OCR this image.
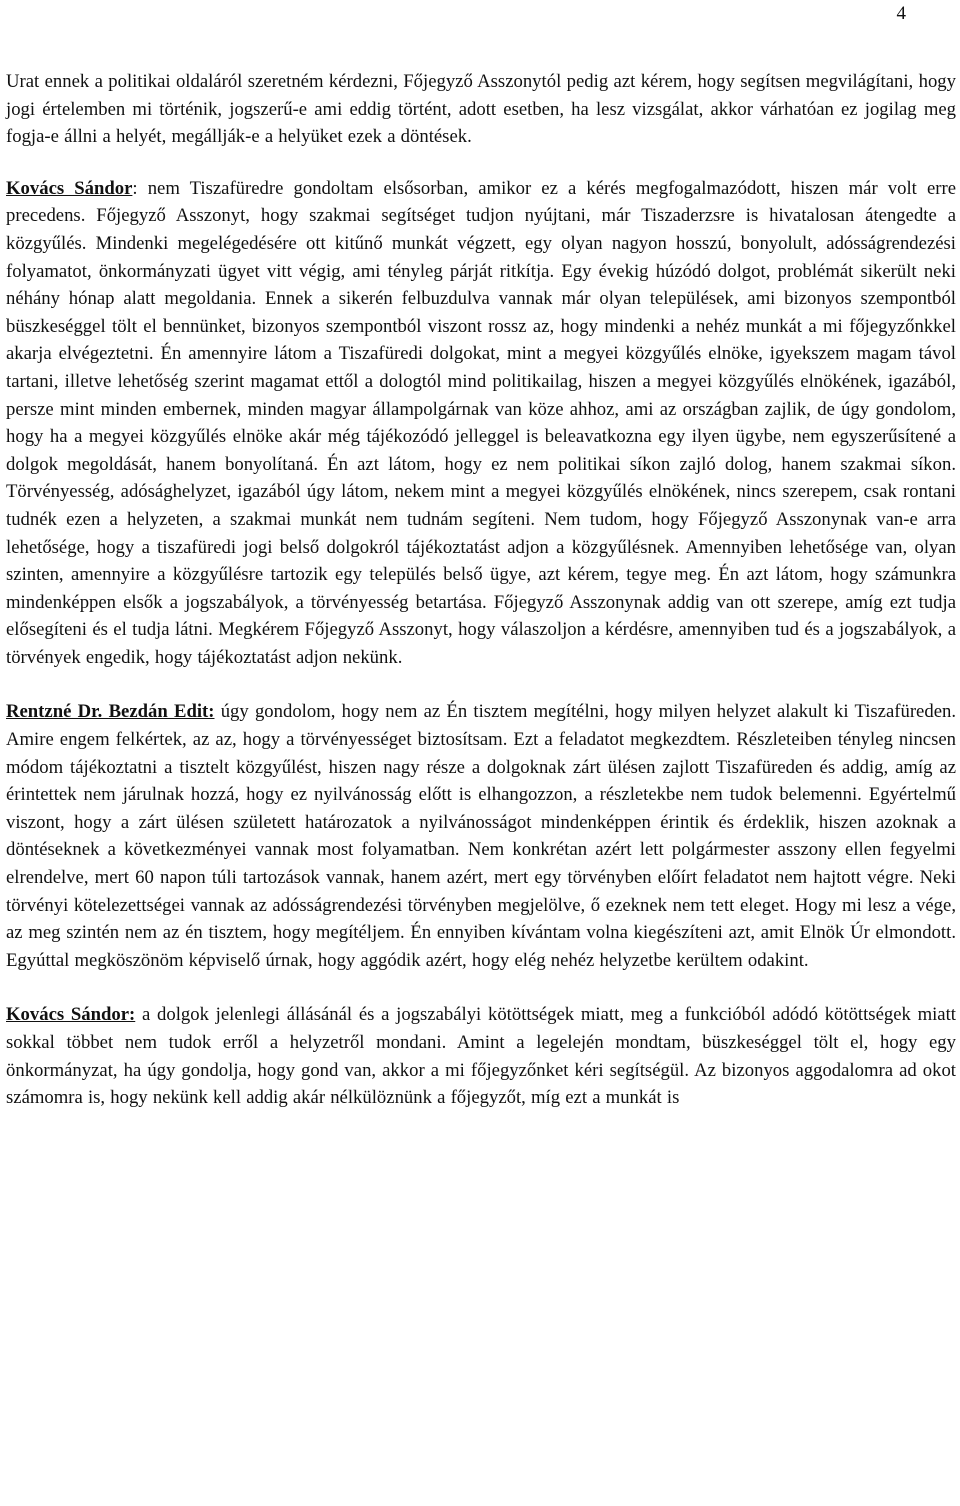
4

Urat ennek a politikai oldaláról szeretném kérdezni, Főjegyző Asszonytól pedig azt kérem, hogy segítsen megvilágítani, hogy jogi értelemben mi történik, jogszerű-e ami eddig történt, adott esetben, ha lesz vizsgálat, akkor várhatóan ez jogilag meg fogja-e állni a helyét, megállják-e a helyüket ezek a döntések.

Kovács Sándor: nem Tiszafüredre gondoltam elsősorban, amikor ez a kérés megfogalmazódott, hiszen már volt erre precedens. Főjegyző Asszonyt, hogy szakmai segítséget tudjon nyújtani, már Tiszaderzsre is hivatalosan átengedte a közgyűlés. Mindenki megelégedésére ott kitűnő munkát végzett, egy olyan nagyon hosszú, bonyolult, adósságrendezési folyamatot, önkormányzati ügyet vitt végig, ami tényleg párját ritkítja. Egy évekig húzódó dolgot, problémát sikerült neki néhány hónap alatt megoldania. Ennek a sikerén felbuzdulva vannak már olyan települések, ami bizonyos szempontból büszkeséggel tölt el bennünket, bizonyos szempontból viszont rossz az, hogy mindenki a nehéz munkát a mi főjegyzőnkkel akarja elvégeztetni. Én amennyire látom a Tiszafüredi dolgokat, mint a megyei közgyűlés elnöke, igyekszem magam távol tartani, illetve lehetőség szerint magamat ettől a dologtól mind politikailag, hiszen a megyei közgyűlés elnökének, igazából, persze mint minden embernek, minden magyar állampolgárnak van köze ahhoz, ami az országban zajlik, de úgy gondolom, hogy ha a megyei közgyűlés elnöke akár még tájékozódó jelleggel is beleavatkozna egy ilyen ügybe, nem egyszerűsítené a dolgok megoldását, hanem bonyolítaná. Én azt látom, hogy ez nem politikai síkon zajló dolog, hanem szakmai síkon. Törvényesség, adósághelyzet, igazából úgy látom, nekem mint a megyei közgyűlés elnökének, nincs szerepem, csak rontani tudnék ezen a helyzeten, a szakmai munkát nem tudnám segíteni. Nem tudom, hogy Főjegyző Asszonynak van-e arra lehetősége, hogy a tiszafüredi jogi belső dolgokról tájékoztatást adjon a közgyűlésnek. Amennyiben lehetősége van, olyan szinten, amennyire a közgyűlésre tartozik egy település belső ügye, azt kérem, tegye meg. Én azt látom, hogy számunkra mindenképpen elsők a jogszabályok, a törvényesség betartása. Főjegyző Asszonynak addig van ott szerepe, amíg ezt tudja elősegíteni és el tudja látni. Megkérem Főjegyző Asszonyt, hogy válaszoljon a kérdésre, amennyiben tud és a jogszabályok, a törvények engedik, hogy tájékoztatást adjon nekünk.

Rentzné Dr. Bezdán Edit: úgy gondolom, hogy nem az Én tisztem megítélni, hogy milyen helyzet alakult ki Tiszafüreden. Amire engem felkértek, az az, hogy a törvényességet biztosítsam. Ezt a feladatot megkezdtem. Részleteiben tényleg nincsen módom tájékoztatni a tisztelt közgyűlést, hiszen nagy része a dolgoknak zárt ülésen zajlott Tiszafüreden és addig, amíg az érintettek nem járulnak hozzá, hogy ez nyilvánosság előtt is elhangozzon, a részletekbe nem tudok belemenni. Egyértelmű viszont, hogy a zárt ülésen született határozatok a nyilvánosságot mindenképpen érintik és érdeklik, hiszen azoknak a döntéseknek a következményei vannak most folyamatban. Nem konkrétan azért lett polgármester asszony ellen fegyelmi elrendelve, mert 60 napon túli tartozások vannak, hanem azért, mert egy törvényben előírt feladatot nem hajtott végre. Neki törvényi kötelezettségei vannak az adósságrendezési törvényben megjelölve, ő ezeknek nem tett eleget. Hogy mi lesz a vége, az meg szintén nem az én tisztem, hogy megítéljem. Én ennyiben kívántam volna kiegészíteni azt, amit Elnök Úr elmondott. Egyúttal megköszönöm képviselő úrnak, hogy aggódik azért, hogy elég nehéz helyzetbe kerültem odakint.

Kovács Sándor: a dolgok jelenlegi állásánál és a jogszabályi kötöttségek miatt, meg a funkcióból adódó kötöttségek miatt sokkal többet nem tudok erről a helyzetről mondani. Amint a legelején mondtam, büszkeséggel tölt el, hogy egy önkormányzat, ha úgy gondolja, hogy gond van, akkor a mi főjegyzőnket kéri segítségül. Az bizonyos aggodalomra ad okot számomra is, hogy nekünk kell addig akár nélkülöznünk a főjegyzőt, míg ezt a munkát is
